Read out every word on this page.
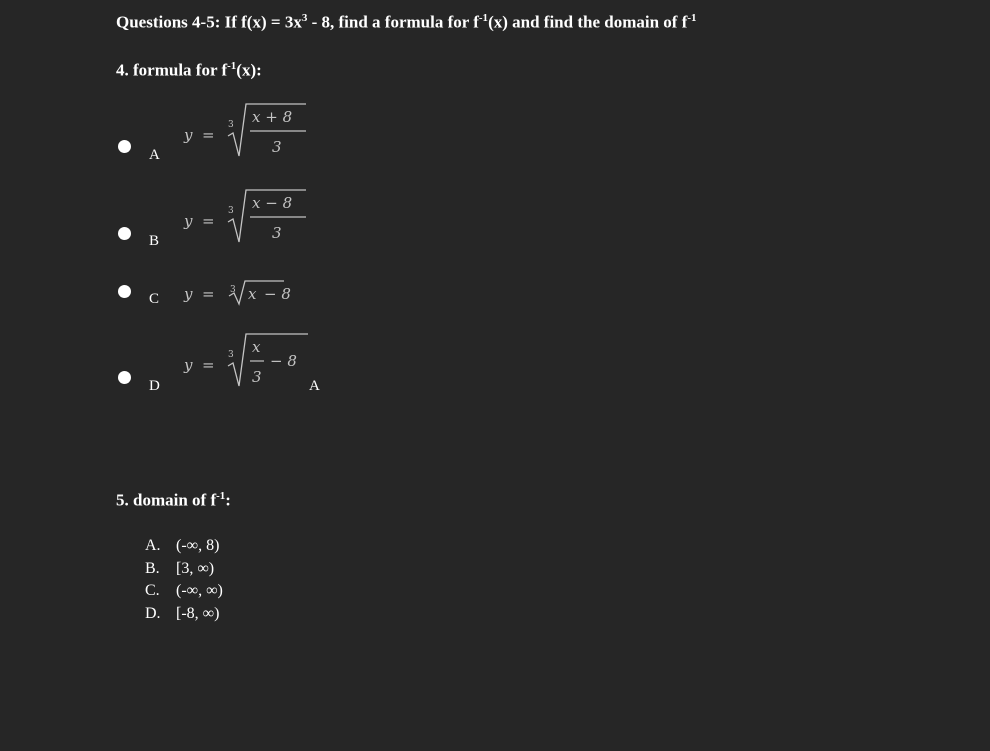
Questions 4-5: If $f(x) = 3x^3 - 8$, find a formula for $f^{-1}(x)$ and find the domain of $f^{-1}$
4. formula for $f^{-1}(x)$:
A
y =
3 x + 8
3
B
y =
3 x − 8
3
C y = 3 x − 8
D
y =
3 x
3
− 8
A
5. domain of $f^{-1}$:
A. (-∞, 8)
B. [3, ∞)
C. (-∞, ∞)
D. [-8, ∞)
